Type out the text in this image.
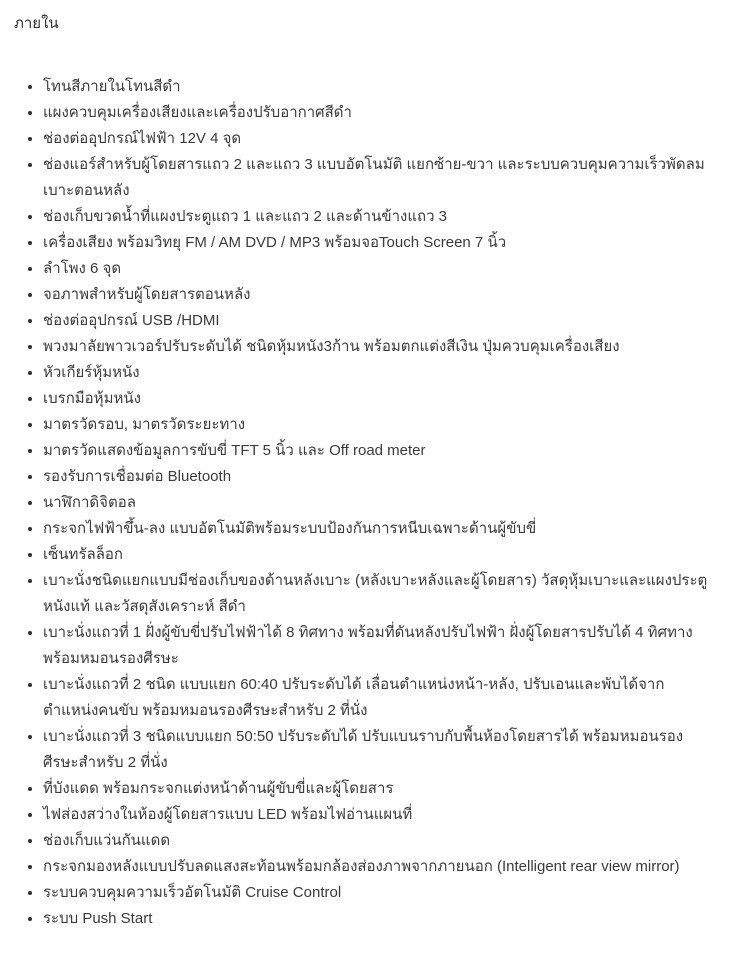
ภายใน
• โทนสีภายในโทนสีดำ
• แผงควบคุมเครื่องเสียงและเครื่องปรับอากาศสีดำ
• ช่องต่ออุปกรณ์ไฟฟ้า 12V 4 จุด
• ช่องแอร์สำหรับผู้โดยสารแถว 2 และแถว 3 แบบอัตโนมัติ แยกซ้าย-ขวา และระบบควบคุมความเร็วพัดลมเบาะตอนหลัง
• ช่องเก็บขวดน้ำที่แผงประตูแถว 1 และแถว 2 และด้านข้างแถว 3
• เครื่องเสียง พร้อมวิทยุ FM / AM DVD / MP3 พร้อมจอTouch Screen 7 นิ้ว
• ลำโพง 6 จุด
• จอภาพสำหรับผู้โดยสารตอนหลัง
• ช่องต่ออุปกรณ์ USB /HDMI
• พวงมาลัยพาวเวอร์ปรับระดับได้ ชนิดหุ้มหนัง3ก้าน พร้อมตกแต่งสีเงิน ปุ่มควบคุมเครื่องเสียง
• หัวเกียร์หุ้มหนัง
• เบรกมือหุ้มหนัง
• มาตรวัดรอบ, มาตรวัดระยะทาง
• มาตรวัดแสดงข้อมูลการขับขี่ TFT 5 นิ้ว และ Off road meter
• รองรับการเชื่อมต่อ Bluetooth
• นาฬิกาดิจิตอล
• กระจกไฟฟ้าขึ้น-ลง แบบอัตโนมัติพร้อมระบบป้องกันการหนีบเฉพาะด้านผู้ขับขี่
• เซ็นทรัลล็อก
• เบาะนั่งชนิดแยกแบบมีช่องเก็บของด้านหลังเบาะ (หลังเบาะหลังและผู้โดยสาร) วัสดุหุ้มเบาะและแผงประตูหนังแท้ และวัสดุสังเคราะห์ สีดำ
• เบาะนั่งแถวที่ 1 ฝั่งผู้ขับขี่ปรับไฟฟ้าได้ 8 ทิศทาง พร้อมที่ดันหลังปรับไฟฟ้า ฝั่งผู้โดยสารปรับได้ 4 ทิศทาง พร้อมหมอนรองศีรษะ
• เบาะนั่งแถวที่ 2 ชนิด แบบแยก 60:40 ปรับระดับได้ เลื่อนตำแหน่งหน้า-หลัง, ปรับเอนและพับได้จากตำแหน่งคนขับ พร้อมหมอนรองศีรษะสำหรับ 2 ที่นั่ง
• เบาะนั่งแถวที่ 3 ชนิดแบบแยก 50:50 ปรับระดับได้ ปรับแบนราบกับพื้นห้องโดยสารได้ พร้อมหมอนรองศีรษะสำหรับ 2 ที่นั่ง
• ที่บังแดด พร้อมกระจกแต่งหน้าด้านผู้ขับขี่และผู้โดยสาร
• ไฟส่องสว่างในห้องผู้โดยสารแบบ LED พร้อมไฟอ่านแผนที่
• ช่องเก็บแว่นกันแดด
• กระจกมองหลังแบบปรับลดแสงสะท้อนพร้อมกล้องส่องภาพจากภายนอก (Intelligent rear view mirror)
• ระบบควบคุมความเร็วอัตโนมัติ Cruise Control
• ระบบ Push Start
